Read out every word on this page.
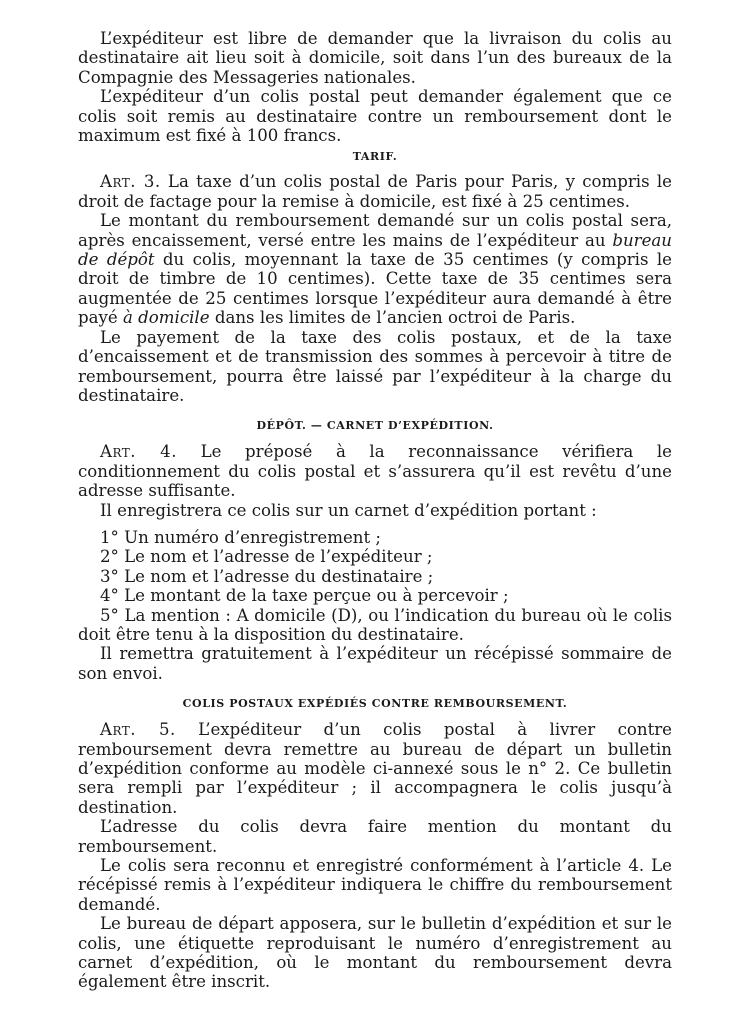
L’expéditeur est libre de demander que la livraison du colis au destinataire ait lieu soit à domicile, soit dans l’un des bureaux de la Compagnie des Messageries nationales.

L’expéditeur d’un colis postal peut demander également que ce colis soit remis au destinataire contre un remboursement dont le maximum est fixé à 100 francs.

TARIF.

Art. 3. La taxe d’un colis postal de Paris pour Paris, y compris le droit de factage pour la remise à domicile, est fixé à 25 centimes.

Le montant du remboursement demandé sur un colis postal sera, après encaissement, versé entre les mains de l’expéditeur au bureau de dépôt du colis, moyennant la taxe de 35 centimes (y compris le droit de timbre de 10 centimes). Cette taxe de 35 centimes sera augmentée de 25 centimes lorsque l’expéditeur aura demandé à être payé à domicile dans les limites de l’ancien octroi de Paris.

Le payement de la taxe des colis postaux, et de la taxe d’encaissement et de transmission des sommes à percevoir à titre de remboursement, pourra être laissé par l’expéditeur à la charge du destinataire.

DÉPÔT. — CARNET D’EXPÉDITION.

Art. 4. Le préposé à la reconnaissance vérifiera le conditionnement du colis postal et s’assurera qu’il est revêtu d’une adresse suffisante.

Il enregistrera ce colis sur un carnet d’expédition portant :

1° Un numéro d’enregistrement ;
2° Le nom et l’adresse de l’expéditeur ;
3° Le nom et l’adresse du destinataire ;
4° Le montant de la taxe perçue ou à percevoir ;
5° La mention : A domicile (D), ou l’indication du bureau où le colis doit être tenu à la disposition du destinataire.

Il remettra gratuitement à l’expéditeur un récépissé sommaire de son envoi.

COLIS POSTAUX EXPÉDIÉS CONTRE REMBOURSEMENT.

Art. 5. L’expéditeur d’un colis postal à livrer contre remboursement devra remettre au bureau de départ un bulletin d’expédition conforme au modèle ci-annexé sous le n° 2. Ce bulletin sera rempli par l’expéditeur ; il accompagnera le colis jusqu’à destination.

L’adresse du colis devra faire mention du montant du remboursement.

Le colis sera reconnu et enregistré conformément à l’article 4. Le récépissé remis à l’expéditeur indiquera le chiffre du remboursement demandé.

Le bureau de départ apposera, sur le bulletin d’expédition et sur le colis, une étiquette reproduisant le numéro d’enregistrement au carnet d’expédition, où le montant du remboursement devra également être inscrit.
